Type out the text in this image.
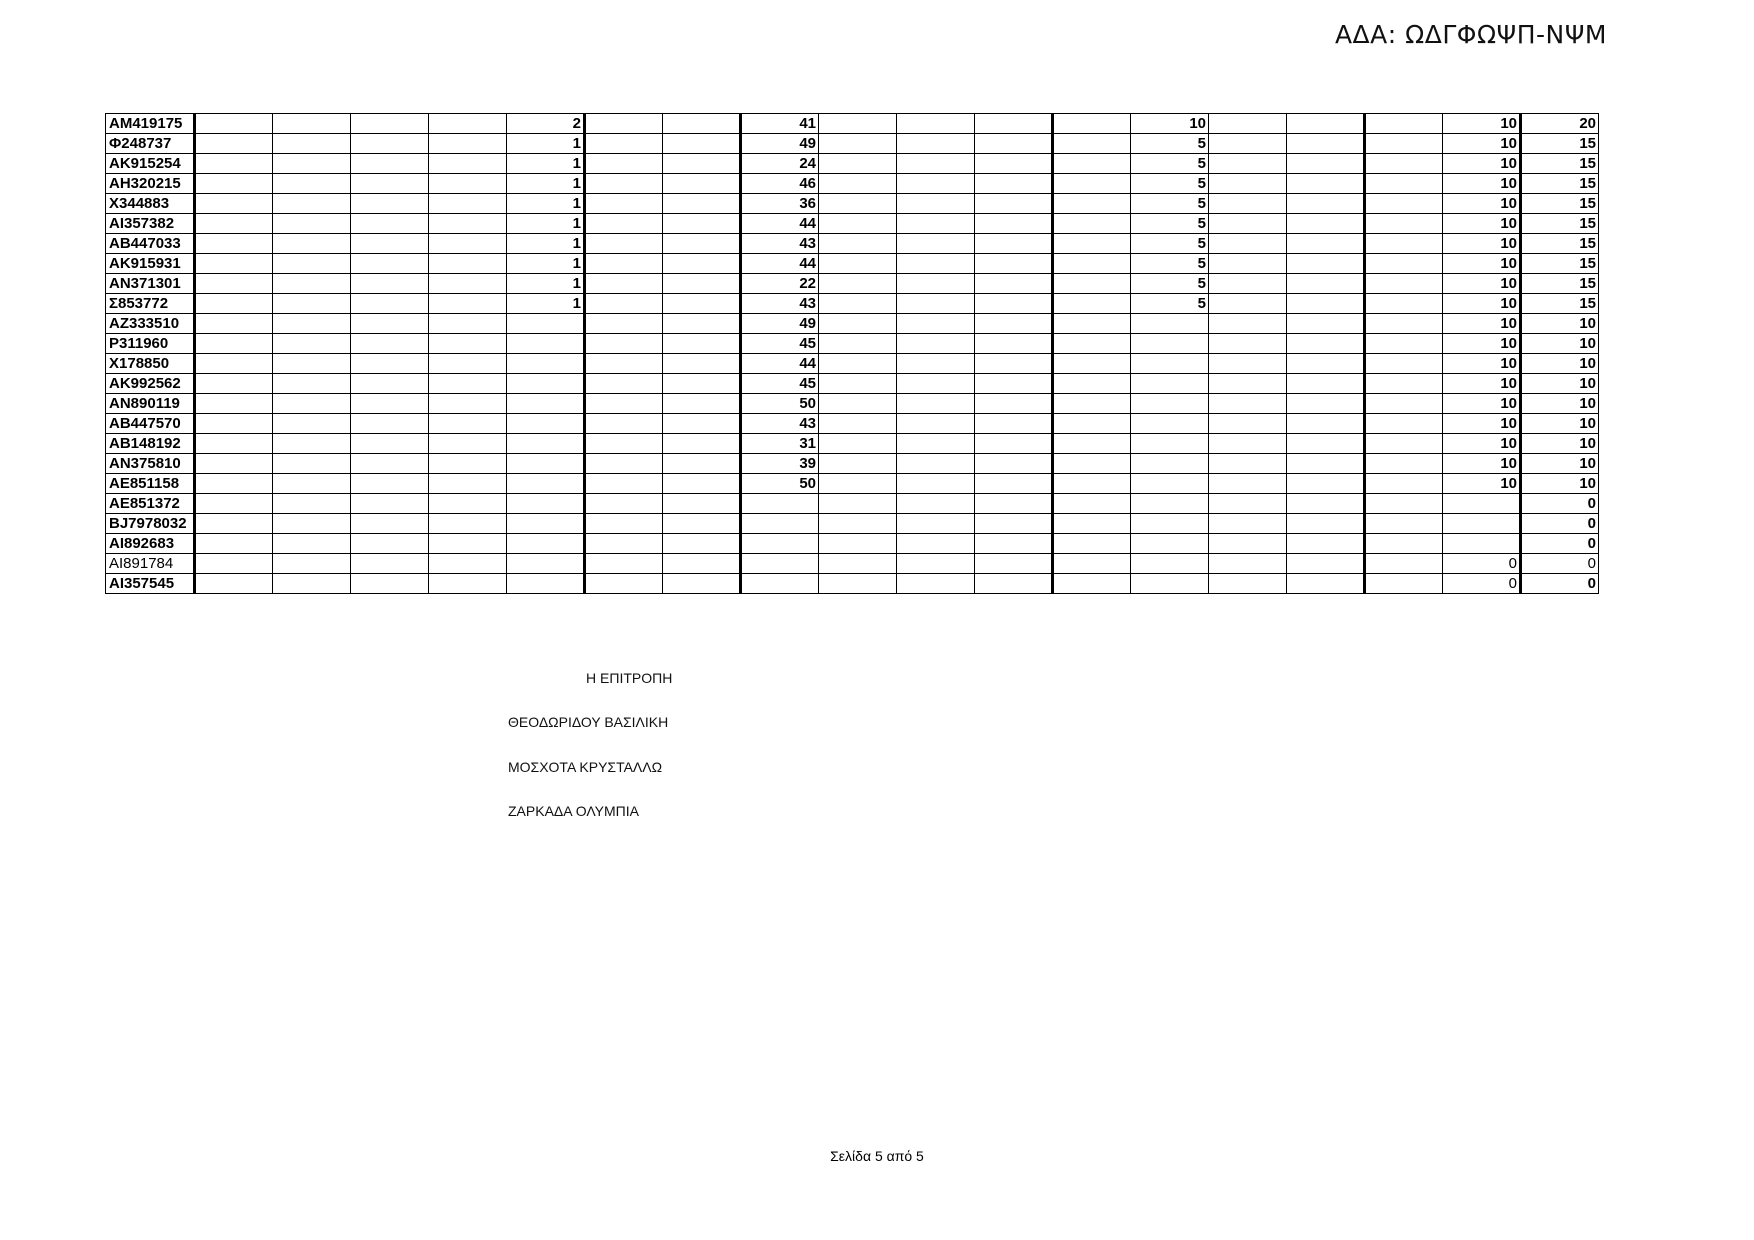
ΑΔΑ: ΩΔΓΦΩΨΠ-ΝΨΜ
AM419175					2			41					10				10	20
Φ248737					1			49					5				10	15
AK915254					1			24					5				10	15
AH320215					1			46					5				10	15
X344883					1			36					5				10	15
AI357382					1			44					5				10	15
AB447033					1			43					5				10	15
AK915931					1			44					5				10	15
AN371301					1			22					5				10	15
Σ853772					1			43					5				10	15
AZ333510								49									10	10
P311960								45									10	10
X178850								44									10	10
AK992562								45									10	10
AN890119								50									10	10
AB447570								43									10	10
AB148192								31									10	10
AN375810								39									10	10
AE851158								50									10	10
AE851372																		0
BJ7978032																		0
AI892683																		0
AI891784																	0	0
AI357545																	0	0
Η ΕΠΙΤΡΟΠΗ
ΘΕΟΔΩΡΙΔΟΥ ΒΑΣΙΛΙΚΗ
ΜΟΣΧΟΤΑ ΚΡΥΣΤΑΛΛΩ
ΖΑΡΚΑΔΑ ΟΛΥΜΠΙΑ
Σελίδα 5 από 5
